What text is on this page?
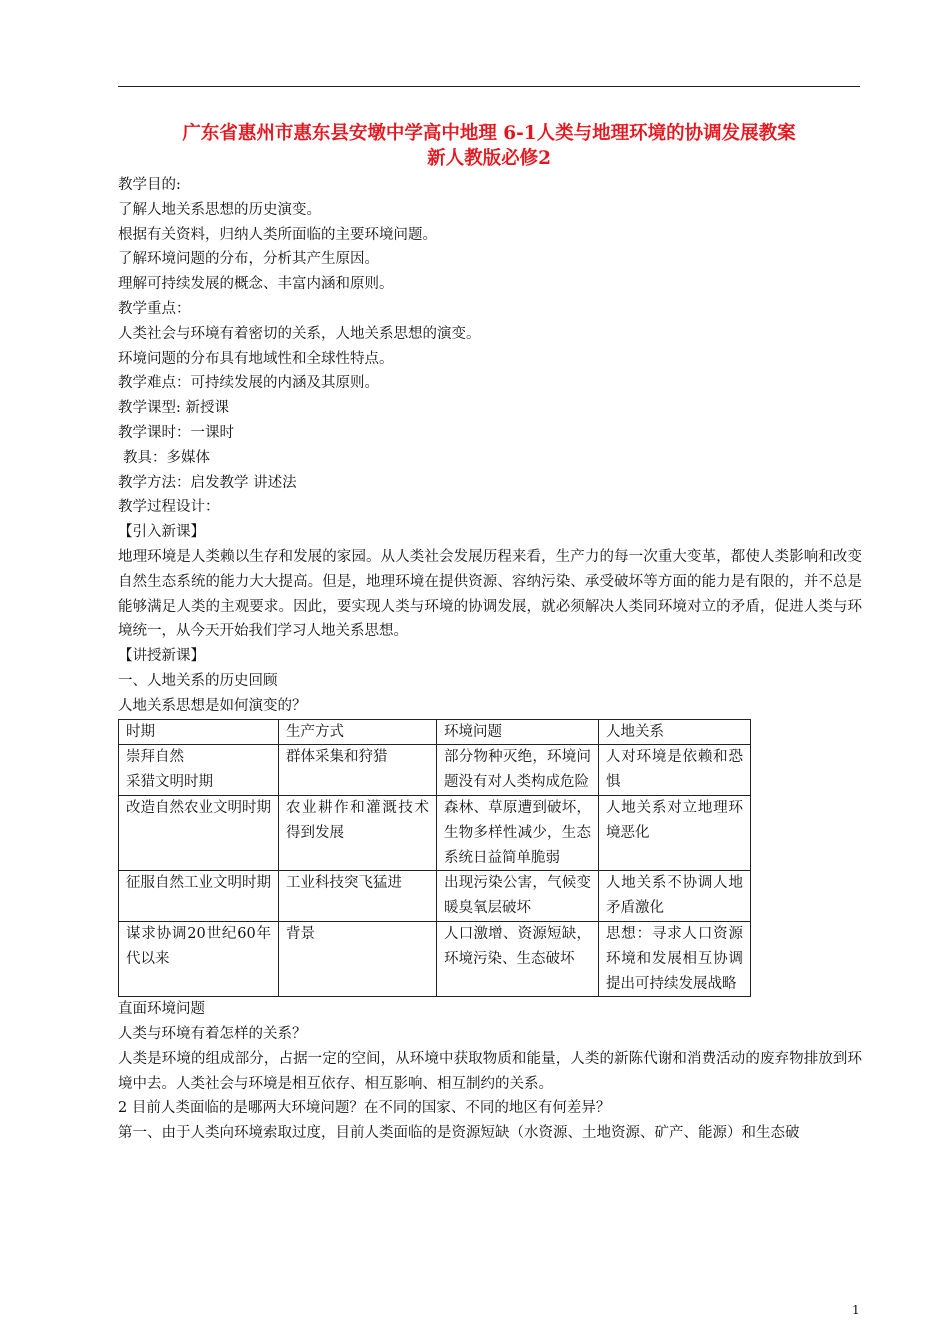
广东省惠州市惠东县安墩中学高中地理 6-1人类与地理环境的协调发展教案
新人教版必修2

教学目的:

了解人地关系思想的历史演变。

根据有关资料，归纳人类所面临的主要环境问题。

了解环境问题的分布，分析其产生原因。

理解可持续发展的概念、丰富内涵和原则。

教学重点：

人类社会与环境有着密切的关系，人地关系思想的演变。

环境问题的分布具有地域性和全球性特点。

教学难点：可持续发展的内涵及其原则。

教学课型: 新授课

教学课时：一课时

教具：多媒体

教学方法：启发教学 讲述法

教学过程设计：

【引入新课】

地理环境是人类赖以生存和发展的家园。从人类社会发展历程来看，生产力的每一次重大变革，都使人类影响和改变自然生态系统的能力大大提高。但是，地理环境在提供资源、容纳污染、承受破坏等方面的能力是有限的，并不总是能够满足人类的主观要求。因此，要实现人类与环境的协调发展，就必须解决人类同环境对立的矛盾，促进人类与环境统一，从今天开始我们学习人地关系思想。

【讲授新课】

一、人地关系的历史回顾

人地关系思想是如何演变的？

时期	生产方式	环境问题	人地关系
崇拜自然
采猎文明时期	群体采集和狩猎	部分物种灭绝，环境问题没有对人类构成危险	人对环境是依赖和恐惧
改造自然农业文明时期	农业耕作和灌溉技术得到发展	森林、草原遭到破坏，生物多样性减少，生态系统日益简单脆弱	人地关系对立地理环境恶化
征服自然工业文明时期	工业科技突飞猛进	出现污染公害，气候变暖臭氧层破坏	人地关系不协调人地矛盾激化
谋求协调20世纪60年代以来	背景	人口激增、资源短缺，环境污染、生态破坏	思想：寻求人口资源环境和发展相互协调提出可持续发展战略

直面环境问题

人类与环境有着怎样的关系？

人类是环境的组成部分，占据一定的空间，从环境中获取物质和能量，人类的新陈代谢和消费活动的废弃物排放到环境中去。人类社会与环境是相互依存、相互影响、相互制约的关系。

2 目前人类面临的是哪两大环境问题？在不同的国家、不同的地区有何差异？

第一、由于人类向环境索取过度，目前人类面临的是资源短缺（水资源、土地资源、矿产、能源）和生态破

1
